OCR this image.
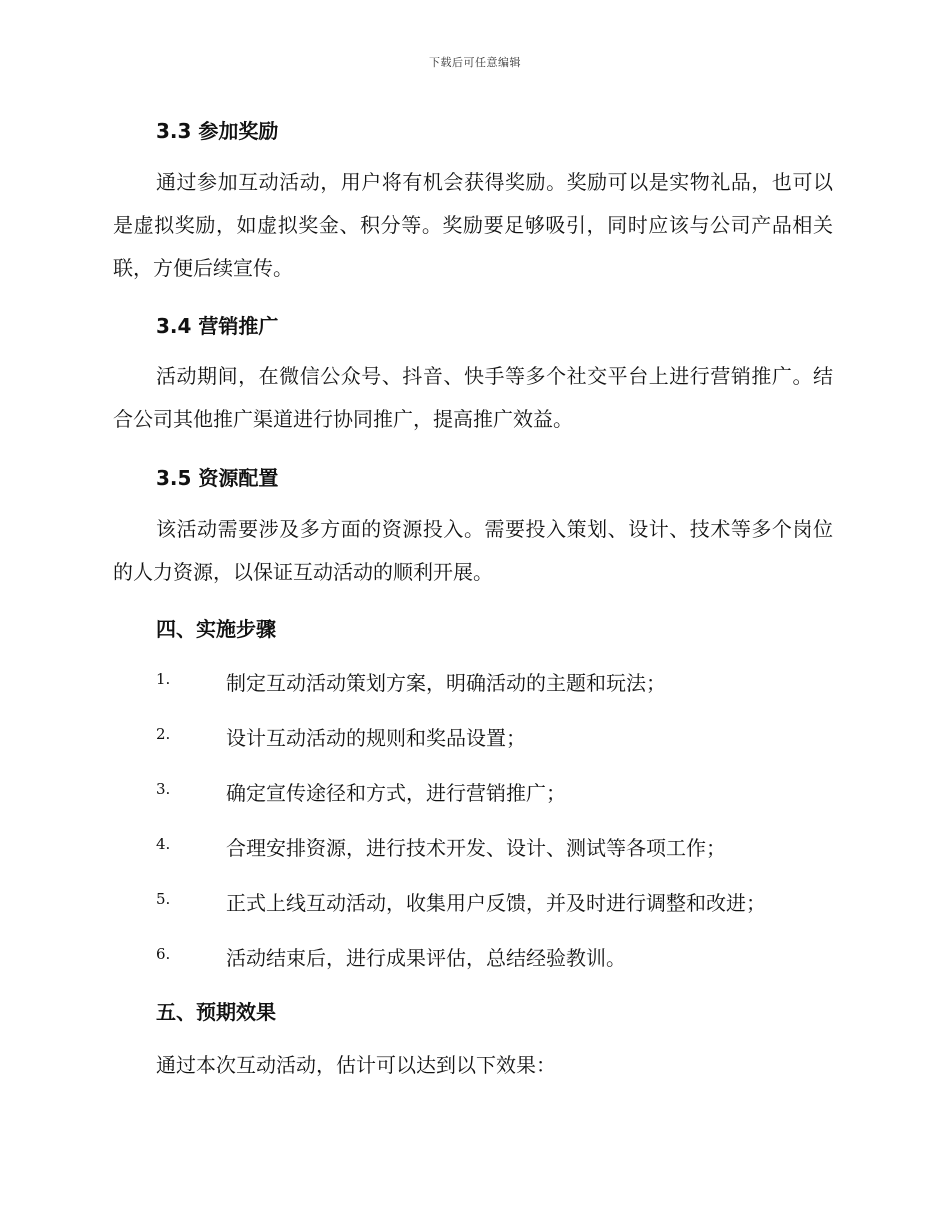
下载后可任意编辑
3.3 参加奖励
通过参加互动活动，用户将有机会获得奖励。奖励可以是实物礼品，也可以是虚拟奖励，如虚拟奖金、积分等。奖励要足够吸引，同时应该与公司产品相关联，方便后续宣传。
3.4 营销推广
活动期间，在微信公众号、抖音、快手等多个社交平台上进行营销推广。结合公司其他推广渠道进行协同推广，提高推广效益。
3.5 资源配置
该活动需要涉及多方面的资源投入。需要投入策划、设计、技术等多个岗位的人力资源，以保证互动活动的顺利开展。
四、实施步骤
1.	制定互动活动策划方案，明确活动的主题和玩法；
2.	设计互动活动的规则和奖品设置；
3.	确定宣传途径和方式，进行营销推广；
4.	合理安排资源，进行技术开发、设计、测试等各项工作；
5.	正式上线互动活动，收集用户反馈，并及时进行调整和改进；
6.	活动结束后，进行成果评估，总结经验教训。
五、预期效果
通过本次互动活动，估计可以达到以下效果：
